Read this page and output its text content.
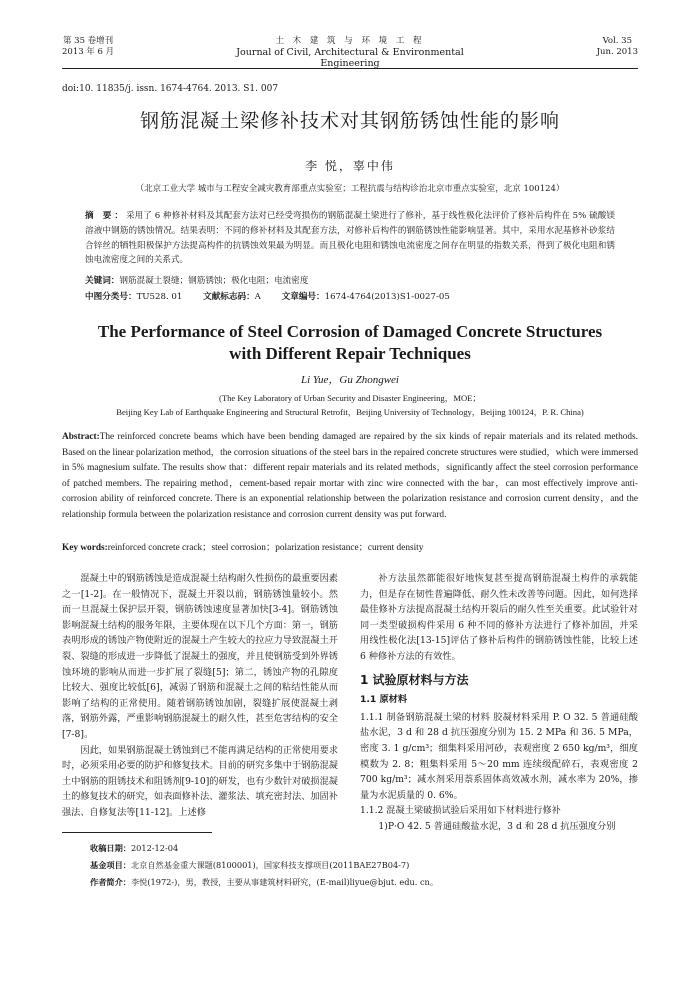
第 35 卷增刊
2013 年 6 月
土 木 建 筑 与 环 境 工 程
Journal of Civil, Architectural & Environmental Engineering
Vol. 35
Jun. 2013
doi:10. 11835/j. issn. 1674-4764. 2013. S1. 007
钢筋混凝土梁修补技术对其钢筋锈蚀性能的影响
李 悦，辜中伟
（北京工业大学 城市与工程安全减灾教育部重点实验室；工程抗震与结构诊治北京市重点实验室，北京 100124）
摘 要：采用了 6 种修补材料及其配套方法对已经受弯损伤的钢筋混凝土梁进行了修补，基于线性极化法评价了修补后构件在 5% 硫酸镁溶液中钢筋的锈蚀情况。结果表明：不同的修补材料及其配套方法，对修补后构件的钢筋锈蚀性能影响显著。其中，采用水泥基修补砂浆结合锌丝的牺牲阳极保护方法提高构件的抗锈蚀效果最为明显。而且极化电阻和锈蚀电流密度之间存在明显的指数关系，得到了极化电阻和锈蚀电流密度之间的关系式。
关键词：钢筋混凝土裂缝；钢筋锈蚀；极化电阻；电流密度
中图分类号：TU528. 01 文献标志码：A 文章编号：1674-4764(2013)S1-0027-05
The Performance of Steel Corrosion of Damaged Concrete Structures
with Different Repair Techniques
Li Yue，Gu Zhongwei
(The Key Laboratory of Urban Security and Disaster Engineering，MOE；
Beijing Key Lab of Earthquake Engineering and Structural Retrofit，Beijing University of Technology，Beijing 100124，P. R. China)
Abstract:The reinforced concrete beams which have been bending damaged are repaired by the six kinds of repair materials and its related methods. Based on the linear polarization method，the corrosion situations of the steel bars in the repaired concrete structures were studied，which were immersed in 5% magnesium sulfate. The results show that：different repair materials and its related methods，significantly affect the steel corrosion performance of patched members. The repairing method，cement-based repair mortar with zinc wire connected with the bar，can most effectively improve anti-corrosion ability of reinforced concrete. There is an exponential relationship between the polarization resistance and corrosion current density，and the relationship formula between the polarization resistance and corrosion current density was put forward.
Key words:reinforced concrete crack；steel corrosion；polarization resistance；current density

混凝土中的钢筋锈蚀是造成混凝土结构耐久性损伤的最重要因素之一[1-2]。在一般情况下，混凝土开裂以前，钢筋锈蚀量较小。然而一旦混凝土保护层开裂，钢筋锈蚀速度显著加快[3-4]。钢筋锈蚀影响混凝土结构的服务年限，主要体现在以下几个方面：第一，钢筋表明形成的锈蚀产物使附近的混凝土产生较大的拉应力导致混凝土开裂、裂缝的形成进一步降低了混凝土的强度，并且使钢筋受到外界锈蚀环境的影响从而进一步扩展了裂缝[5]；第二，锈蚀产物的孔隙度比较大、强度比较低[6]，减弱了钢筋和混凝土之间的粘结性能从而影响了结构的正常使用。随着钢筋锈蚀加剧，裂缝扩展使混凝土剥落，钢筋外露，严重影响钢筋混凝土的耐久性，甚至危害结构的安全[7-8]。

因此，如果钢筋混凝土锈蚀到已不能再满足结构的正常使用要求时，必须采用必要的防护和修复技术。目前的研究多集中于钢筋混凝土中钢筋的阻锈技术和阻锈剂[9-10]的研发，也有少数针对破损混凝土的修复技术的研究，如表面修补法、灌浆法、填充密封法、加固补强法、自修复法等[11-12]。上述修

补方法虽然都能很好地恢复甚至提高钢筋混凝土构件的承载能力，但是存在韧性普遍降低、耐久性未改善等问题。因此，如何选择最佳修补方法提高混凝土结构开裂后的耐久性至关重要。此试验针对同一类型破损构件采用 6 种不同的修补方法进行了修补加固，并采用线性极化法[13-15]评估了修补后构件的钢筋锈蚀性能，比较上述 6 种修补方法的有效性。

1 试验原材料与方法
1.1 原材料

1.1.1 制备钢筋混凝土梁的材料 胶凝材料采用 P. O 32. 5 普通硅酸盐水泥，3 d 和 28 d 抗压强度分别为 15. 2 MPa 和 36. 5 MPa，密度 3. 1 g/cm³；细集料采用河砂，表观密度 2 650 kg/m³，细度模数为 2. 8；粗集料采用 5～20 mm 连续级配碎石，表观密度 2 700 kg/m³；减水剂采用萘系固体高效减水剂，减水率为 20%，掺量为水泥质量的 0. 6%。

1.1.2 混凝土梁破损试验后采用如下材料进行修补

1)P·O 42. 5 普通硅酸盐水泥，3 d 和 28 d 抗压强度分别

收稿日期：2012-12-04
基金项目：北京自然基金重大课题(8100001)，国家科技支撑项目(2011BAE27B04-7)
作者简介：李悦(1972-)，男，教授，主要从事建筑材料研究，(E-mail)liyue@bjut. edu. cn。
